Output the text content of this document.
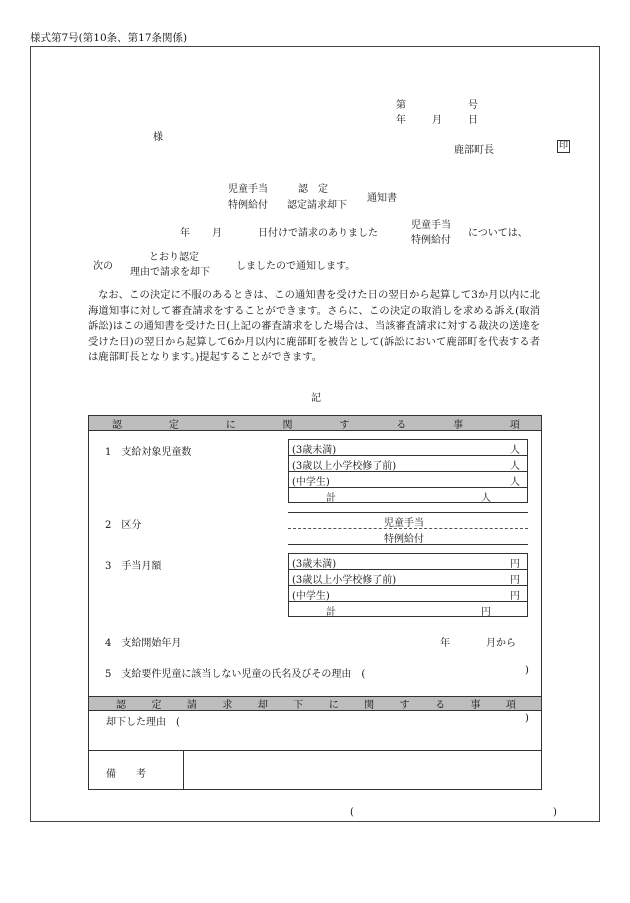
様式第7号(第10条、第17条関係)
第	号
年	月	日
様
鹿部町長	印
児童手当
特例給付
認　定
認定請求却下
通知書
年 月	日付けで請求のありました
児童手当
特例給付
については、
次の
とおり認定
理由で請求を却下
しましたので通知します。
なお、この決定に不服のあるときは、この通知書を受けた日の翌日から起算して3か月以内に北海道知事に対して審査請求をすることができます。さらに、この決定の取消しを求める訴え(取消訴訟)はこの通知書を受けた日(上記の審査請求をした場合は、当該審査請求に対する裁決の送達を受けた日)の翌日から起算して6か月以内に鹿部町を被告として(訴訟において鹿部町を代表する者は鹿部町長となります。)提起することができます。
記
認	定	に	関	す	る	事	項
1　支給対象児童数	(3歳未満)	人
(3歳以上小学校修了前)	人
(中学生)	人
計	人
2　区分	児童手当
特例給付
3　手当月額	(3歳未満)	円
(3歳以上小学校修了前)	円
(中学生)	円
計	円
4　支給開始年月	年	月から
5　支給要件児童に該当しない児童の氏名及びその理由　(	)
認	定	請	求	却	下	に	関	す	る	事	項
却下した理由　(	)
備　　考
(	)
